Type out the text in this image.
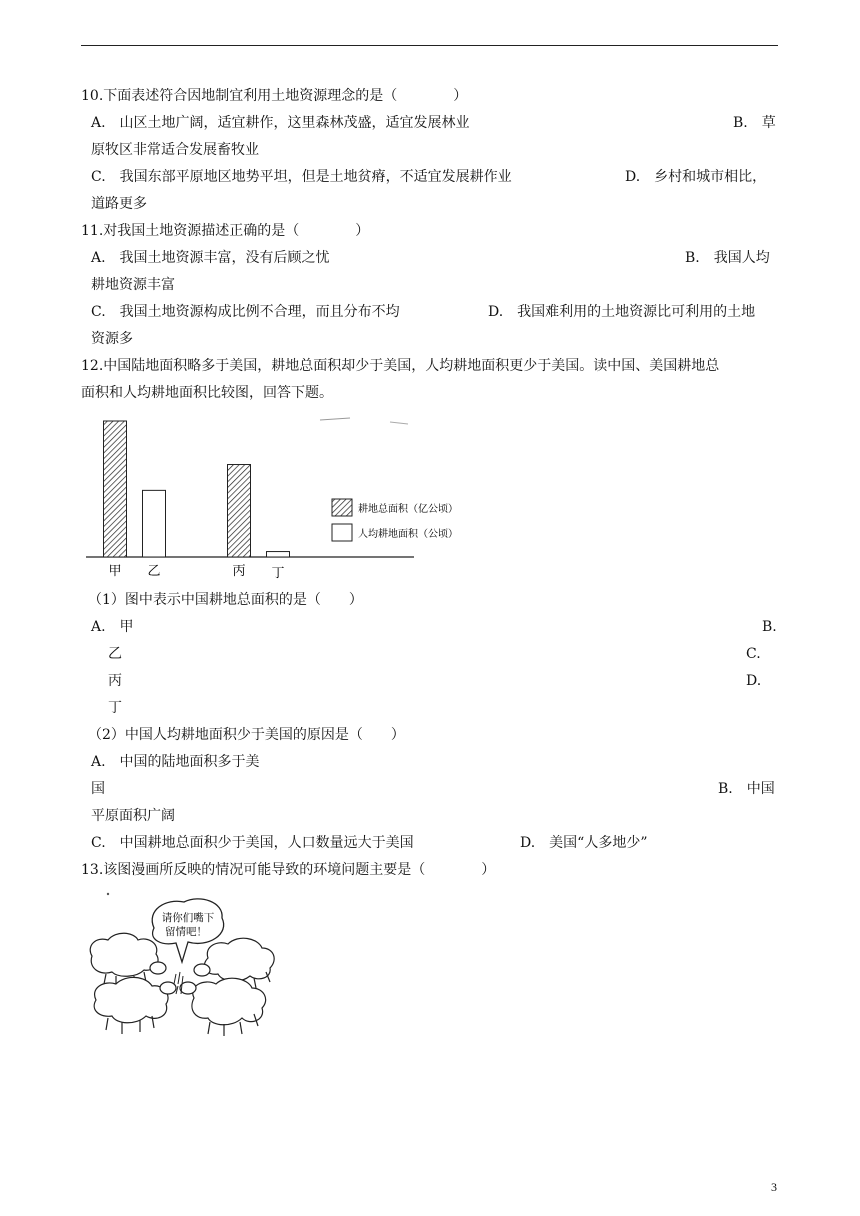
10.下面表述符合因地制宜利用土地资源理念的是（　　　　）
A.　山区土地广阔，适宜耕作，这里森林茂盛，适宜发展林业	B.　草
原牧区非常适合发展畜牧业
C.　我国东部平原地区地势平坦，但是土地贫瘠，不适宜发展耕作业	D.　乡村和城市相比，
道路更多
11.对我国土地资源描述正确的是（　　　　）
A.　我国土地资源丰富，没有后顾之忧	B.　我国人均
耕地资源丰富
C.　我国土地资源构成比例不合理，而且分布不均	D.　我国难利用的土地资源比可利用的土地
资源多
12.中国陆地面积略多于美国，耕地总面积却少于美国，人均耕地面积更少于美国。读中国、美国耕地总
面积和人均耕地面积比较图，回答下题。
甲 乙	丙 丁
耕地总面积（亿公顷）
人均耕地面积（公顷）
（1）图中表示中国耕地总面积的是（　　）
A.　甲	B.
乙	C.
丙	D.
丁
（2）中国人均耕地面积少于美国的原因是（　　）
A.　中国的陆地面积多于美
国	B.　中国
平原面积广阔
C.　中国耕地总面积少于美国，人口数量远大于美国	D.　美国“人多地少”
13.该图漫画所反映的情况可能导致的环境问题主要是（　　　　）
请你们嘴下
留情吧！
3
